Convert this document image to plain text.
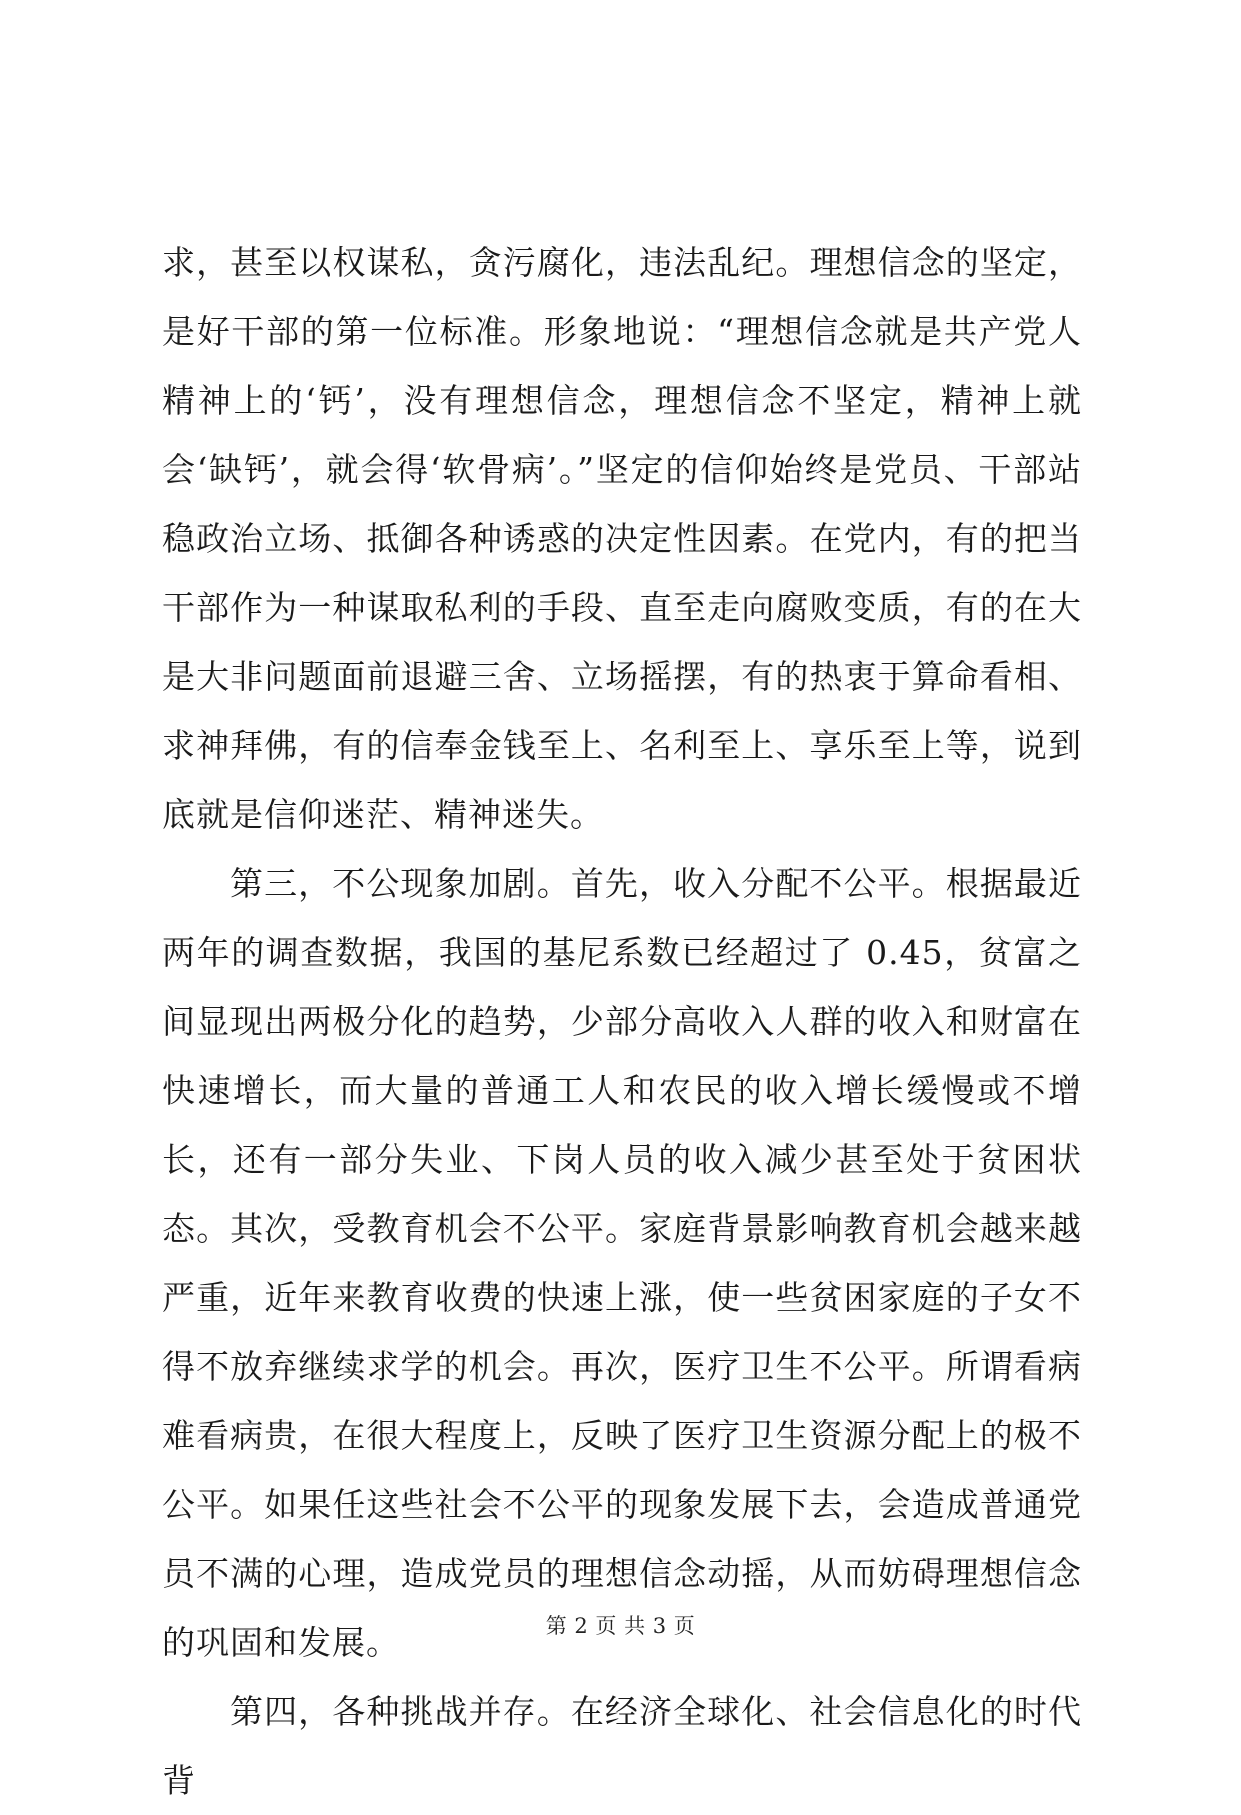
求，甚至以权谋私，贪污腐化，违法乱纪。理想信念的坚定，是好干部的第一位标准。形象地说：“理想信念就是共产党人精神上的‘钙’，没有理想信念，理想信念不坚定，精神上就会‘缺钙’，就会得‘软骨病’。”坚定的信仰始终是党员、干部站稳政治立场、抵御各种诱惑的决定性因素。在党内，有的把当干部作为一种谋取私利的手段、直至走向腐败变质，有的在大是大非问题面前退避三舍、立场摇摆，有的热衷于算命看相、求神拜佛，有的信奉金钱至上、名利至上、享乐至上等，说到底就是信仰迷茫、精神迷失。

第三，不公现象加剧。首先，收入分配不公平。根据最近两年的调查数据，我国的基尼系数已经超过了 0.45，贫富之间显现出两极分化的趋势，少部分高收入人群的收入和财富在快速增长，而大量的普通工人和农民的收入增长缓慢或不增长，还有一部分失业、下岗人员的收入减少甚至处于贫困状态。其次，受教育机会不公平。家庭背景影响教育机会越来越严重，近年来教育收费的快速上涨，使一些贫困家庭的子女不得不放弃继续求学的机会。再次，医疗卫生不公平。所谓看病难看病贵，在很大程度上，反映了医疗卫生资源分配上的极不公平。如果任这些社会不公平的现象发展下去，会造成普通党员不满的心理，造成党员的理想信念动摇，从而妨碍理想信念的巩固和发展。

第四，各种挑战并存。在经济全球化、社会信息化的时代背

第 2 页 共 3 页
